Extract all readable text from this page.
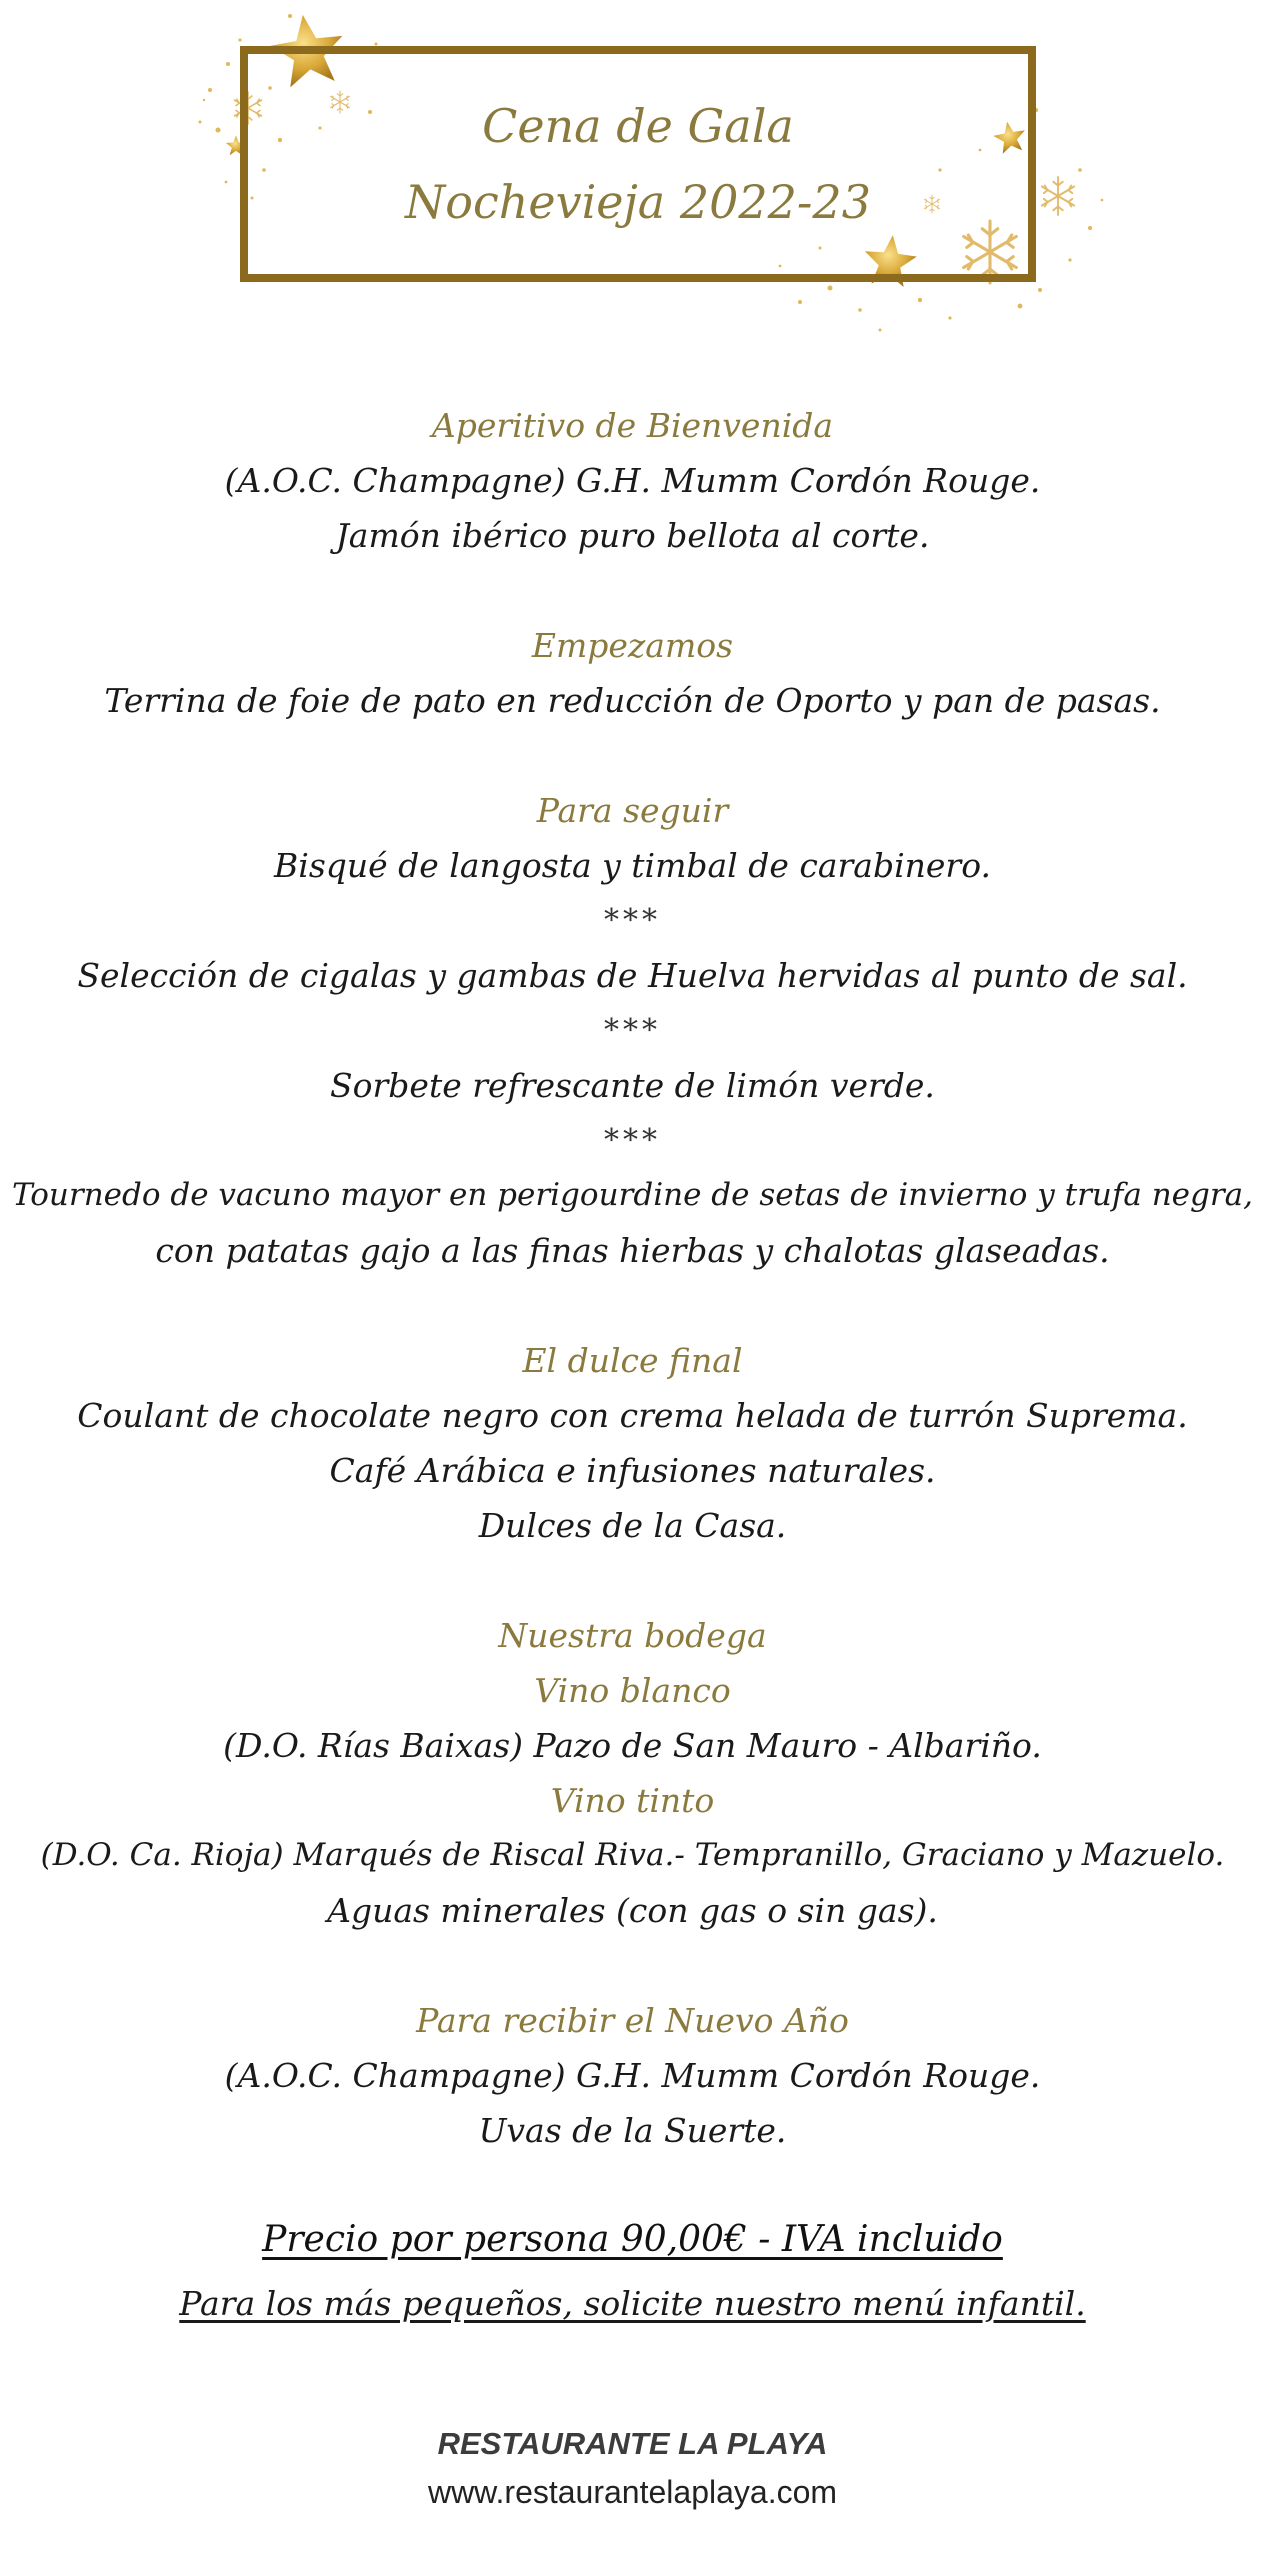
Cena de Gala
Nochevieja 2022-23
Aperitivo de Bienvenida
(A.O.C. Champagne) G.H. Mumm Cordón Rouge.
Jamón ibérico puro bellota al corte.
Empezamos
Terrina de foie de pato en reducción de Oporto y pan de pasas.
Para seguir
Bisqué de langosta y timbal de carabinero.
***
Selección de cigalas y gambas de Huelva hervidas al punto de sal.
***
Sorbete refrescante de limón verde.
***
Tournedo de vacuno mayor en perigourdine de setas de invierno y trufa negra,
con patatas gajo a las finas hierbas y chalotas glaseadas.
El dulce final
Coulant de chocolate negro con crema helada de turrón Suprema.
Café Arábica e infusiones naturales.
Dulces de la Casa.
Nuestra bodega
Vino blanco
(D.O. Rías Baixas) Pazo de San Mauro - Albariño.
Vino tinto
(D.O. Ca. Rioja) Marqués de Riscal Riva.- Tempranillo, Graciano y Mazuelo.
Aguas minerales (con gas o sin gas).
Para recibir el Nuevo Año
(A.O.C. Champagne) G.H. Mumm Cordón Rouge.
Uvas de la Suerte.
Precio por persona 90,00€ - IVA incluido
Para los más pequeños, solicite nuestro menú infantil.
RESTAURANTE LA PLAYA
www.restaurantelaplaya.com
